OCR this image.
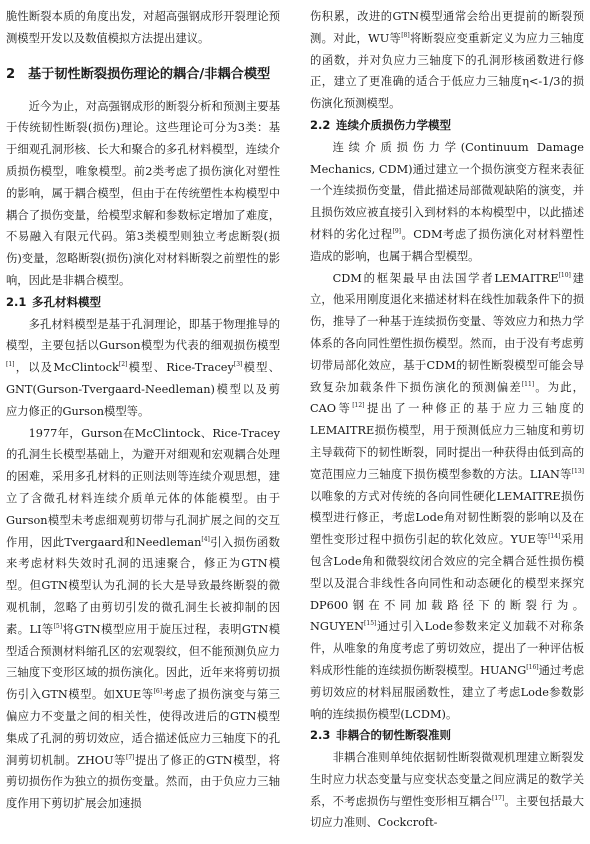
脆性断裂本质的角度出发，对超高强钢成形开裂理论预测模型开发以及数值模拟方法提出建议。

2 基于韧性断裂损伤理论的耦合/非耦合模型

近今为止，对高强钢成形的断裂分析和预测主要基于传统韧性断裂(损伤)理论。这些理论可分为3类：基于细观孔洞形核、长大和聚合的多孔材料模型，连续介质损伤模型，唯象模型。前2类考虑了损伤演化对塑性的影响，属于耦合模型，但由于在传统塑性本构模型中耦合了损伤变量，给模型求解和参数标定增加了难度，不易融入有限元代码。第3类模型则独立考虑断裂(损伤)变量，忽略断裂(损伤)演化对材料断裂之前塑性的影响，因此是非耦合模型。

2.1 多孔材料模型

多孔材料模型是基于孔洞理论，即基于物理推导的模型，主要包括以Gurson模型为代表的细观损伤模型[1]，以及McClintock[2]模型、Rice-Tracey[3]模型、GNT(Gurson-Tvergaard-Needleman)模型以及剪应力修正的Gurson模型等。

1977年，Gurson在McClintock、Rice-Tracey的孔洞生长模型基础上，为避开对细观和宏观耦合处理的困难，采用多孔材料的正则法则等连续介观思想，建立了含微孔材料连续介质单元体的体能模型。由于Gurson模型未考虑细观剪切带与孔洞扩展之间的交互作用，因此Tvergaard和Needleman[4]引入损伤函数来考虑材料失效时孔洞的迅速聚合，修正为GTN模型。但GTN模型认为孔洞的长大是导致最终断裂的微观机制，忽略了由剪切引发的微孔洞生长被抑制的因素。LI等[5]将GTN模型应用于旋压过程，表明GTN模型适合预测材料缩孔区的宏观裂纹，但不能预测负应力三轴度下变形区域的损伤演化。因此，近年来将剪切损伤引入GTN模型。如XUE等[6]考虑了损伤演变与第三偏应力不变量之间的相关性，使得改进后的GTN模型集成了孔洞的剪切效应，适合描述低应力三轴度下的孔洞剪切机制。ZHOU等[7]提出了修正的GTN模型，将剪切损伤作为独立的损伤变量。然而，由于负应力三轴度作用下剪切扩展会加速损

伤积累，改进的GTN模型通常会给出更提前的断裂预测。对此，WU等[8]将断裂应变重新定义为应力三轴度的函数，并对负应力三轴度下的孔洞形核函数进行修正，建立了更准确的适合于低应力三轴度η<-1/3的损伤演化预测模型。

2.2 连续介质损伤力学模型

连续介质损伤力学(Continuum Damage Mechanics, CDM)通过建立一个损伤演变方程来表征一个连续损伤变量，借此描述局部微观缺陷的演变，并且损伤效应被直接引入到材料的本构模型中，以此描述材料的劣化过程[9]。CDM考虑了损伤演化对材料塑性造成的影响，也属于耦合型模型。

CDM的框架最早由法国学者LEMAITRE[10]建立，他采用刚度退化来描述材料在线性加载条件下的损伤，推导了一种基于连续损伤变量、等效应力和热力学体系的各向同性塑性损伤模型。然而，由于没有考虑剪切带局部化效应，基于CDM的韧性断裂模型可能会导致复杂加载条件下损伤演化的预测偏差[11]。为此，CAO等[12]提出了一种修正的基于应力三轴度的LEMAITRE损伤模型，用于预测低应力三轴度和剪切主导载荷下的韧性断裂，同时提出一种获得由低到高的宽范围应力三轴度下损伤模型参数的方法。LIAN等[13]以唯象的方式对传统的各向同性硬化LEMAITRE损伤模型进行修正，考虑Lode角对韧性断裂的影响以及在塑性变形过程中损伤引起的软化效应。YUE等[14]采用包含Lode角和微裂纹闭合效应的完全耦合延性损伤模型以及混合非线性各向同性和动态硬化的模型来探究DP600钢在不同加载路径下的断裂行为。NGUYEN[15]通过引入Lode参数来定义加载不对称条件，从唯象的角度考虑了剪切效应，提出了一种评估板料成形性能的连续损伤断裂模型。HUANG[16]通过考虑剪切效应的材料屈服函数性，建立了考虑Lode参数影响的连续损伤模型(LCDM)。

2.3 非耦合的韧性断裂准则

非耦合准则单纯依据韧性断裂微观机理建立断裂发生时应力状态变量与应变状态变量之间应满足的数学关系，不考虑损伤与塑性变形相互耦合[17]。主要包括最大切应力准则、Cockcroft-
